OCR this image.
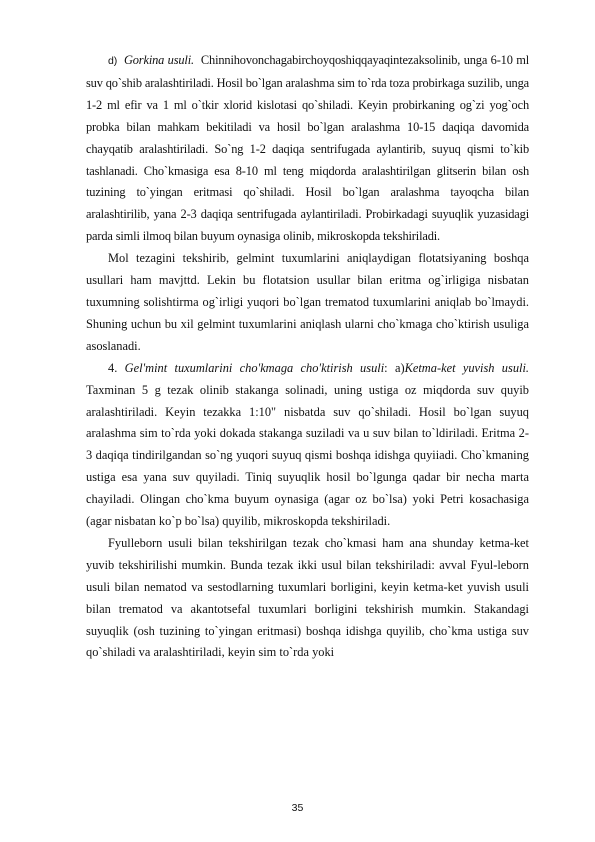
d) Gorkina usuli. Chinnihovonchagabirchoyqoshiqqayaqintezaksolinib, unga 6-10 ml suv qo`shib aralashtiriladi. Hosil bo`lgan aralashma sim to`rda toza probirkaga suzilib, unga 1-2 ml efir va 1 ml o`tkir xlorid kislotasi qo`shiladi. Keyin probirkaning og`zi yog`och probka bilan mahkam bekitiladi va hosil bo`lgan aralashma 10-15 daqiqa davomida chayqatib aralashtiriladi. So`ng 1-2 daqiqa sentrifugada aylantirib, suyuq qismi to`kib tashlanadi. Cho`kmasiga esa 8-10 ml teng miqdorda aralashtirilgan glitserin bilan osh tuzining to`yingan eritmasi qo`shiladi. Hosil bo`lgan aralashma tayoqcha bilan aralashtirilib, yana 2-3 daqiqa sentrifugada aylantiriladi. Probirkadagi suyuqlik yuzasidagi parda simli ilmoq bilan buyum oynasiga olinib, mikroskopda tekshiriladi.

Mol tezagini tekshirib, gelmint tuxumlarini aniqlaydigan flotatsiyaning boshqa usullari ham mavjttd. Lekin bu flotatsion usullar bilan eritma og`irligiga nisbatan tuxumning solishtirma og`irligi yuqori bo`lgan trematod tuxumlarini aniqlab bo`lmaydi. Shuning uchun bu xil gelmint tuxumlarini aniqlash ularni cho`kmaga cho`ktirish usuliga asoslanadi.

4. Gel'mint tuxumlarini cho'kmaga cho'ktirish usuli: a)Ketma-ket yuvish usuli. Taxminan 5 g tezak olinib stakanga solinadi, uning ustiga oz miqdorda suv quyib aralashtiriladi. Keyin tezakka 1:10" nisbatda suv qo`shiladi. Hosil bo`lgan suyuq aralashma sim to`rda yoki dokada stakanga suziladi va u suv bilan to`ldiriladi. Eritma 2-3 daqiqa tindirilgandan so`ng yuqori suyuq qismi boshqa idishga quyiiadi. Cho`kmaning ustiga esa yana suv quyiladi. Tiniq suyuqlik hosil bo`lgunga qadar bir necha marta chayiladi. Olingan cho`kma buyum oynasiga (agar oz bo`lsa) yoki Petri kosachasiga (agar nisbatan ko`p bo`lsa) quyilib, mikroskopda tekshiriladi.

Fyulleborn usuli bilan tekshirilgan tezak cho`kmasi ham ana shunday ketma-ket yuvib tekshirilishi mumkin. Bunda tezak ikki usul bilan tekshiriladi: avval Fyul-leborn usuli bilan nematod va sestodlarning tuxumlari borligini, keyin ketma-ket yuvish usuli bilan trematod va akantotsefal tuxumlari borligini tekshirish mumkin. Stakandagi suyuqlik (osh tuzining to`yingan eritmasi) boshqa idishga quyilib, cho`kma ustiga suv qo`shiladi va aralashtiriladi, keyin sim to`rda yoki

35
